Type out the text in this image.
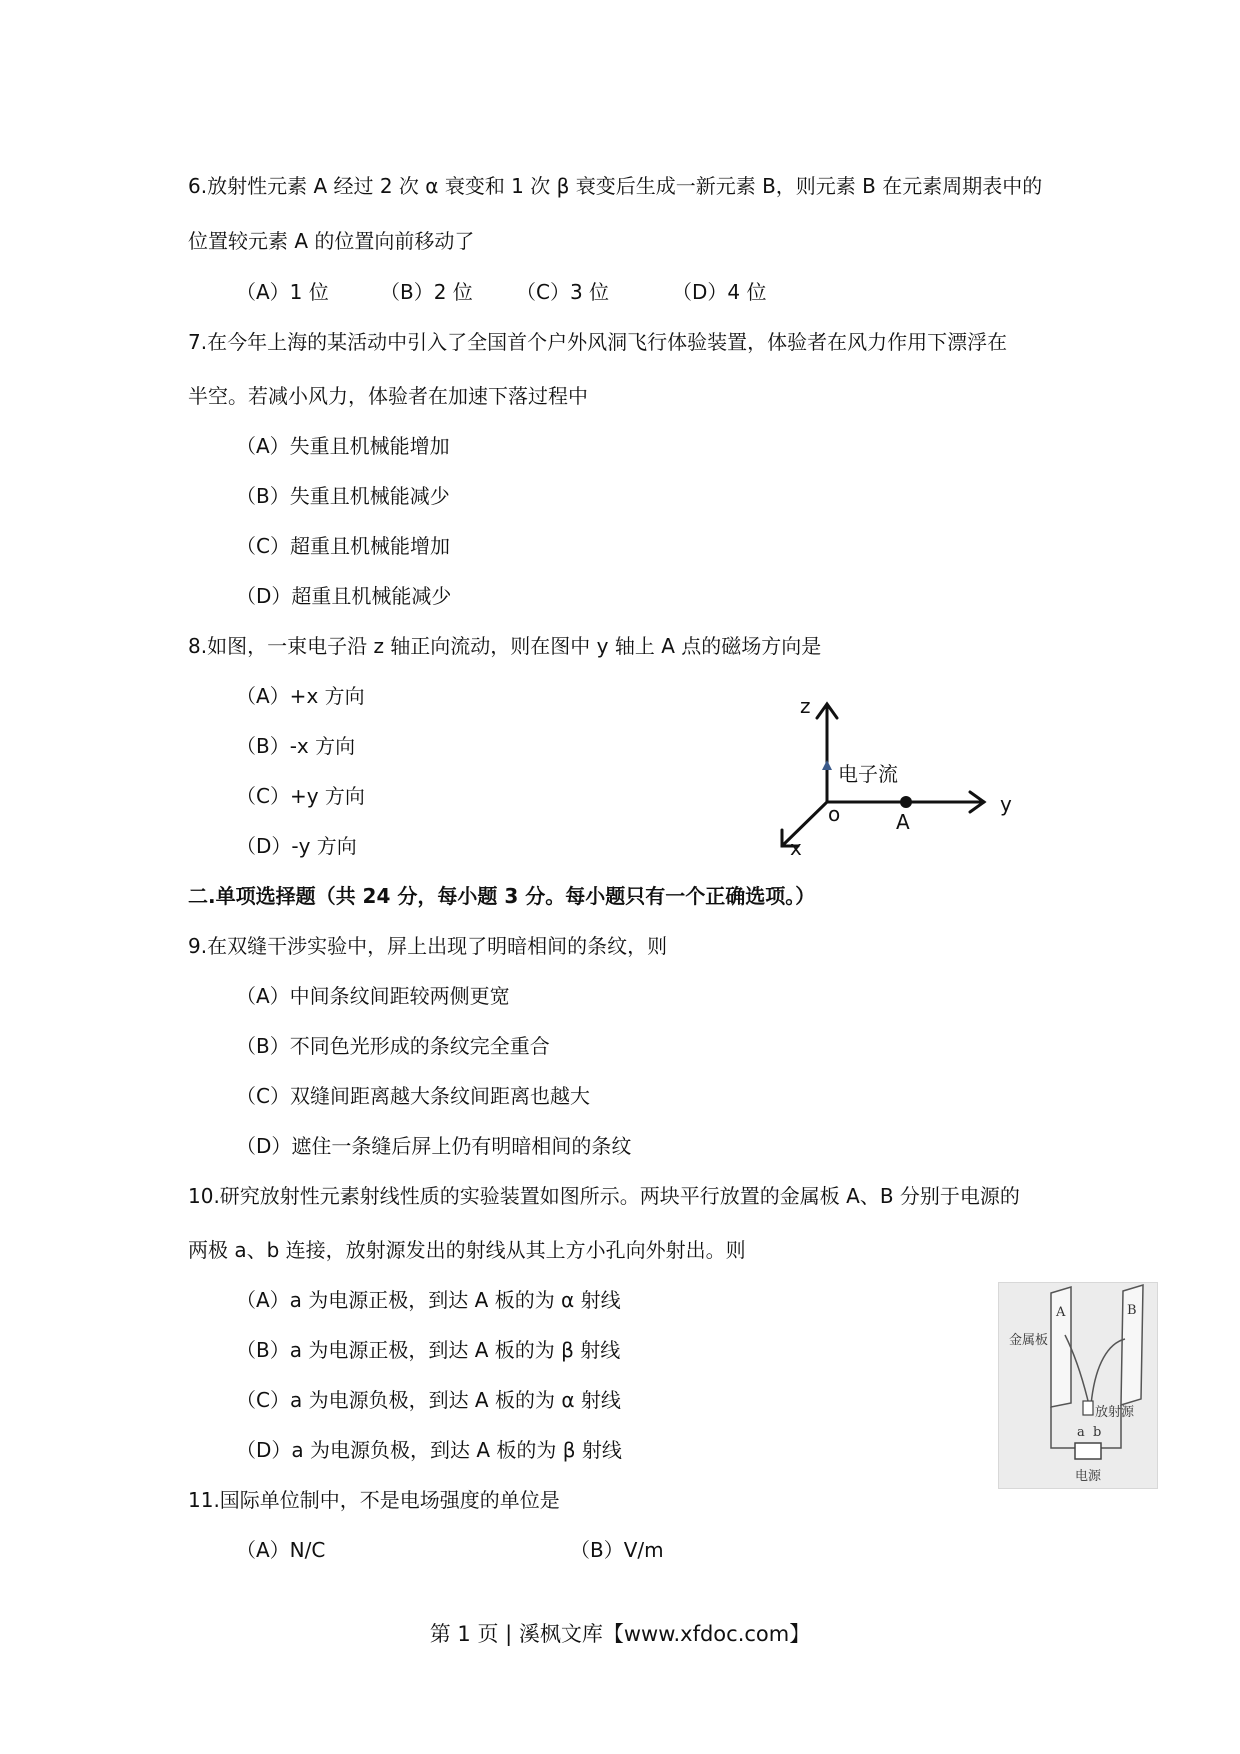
6.放射性元素 A 经过 2 次 α 衰变和 1 次 β 衰变后生成一新元素 B，则元素 B 在元素周期表中的
位置较元素 A 的位置向前移动了
（A）1 位	（B）2 位 （C）3 位	（D）4 位
7.在今年上海的某活动中引入了全国首个户外风洞飞行体验装置，体验者在风力作用下漂浮在
半空。若减小风力，体验者在加速下落过程中
（A）失重且机械能增加
（B）失重且机械能减少
（C）超重且机械能增加
（D）超重且机械能减少
8.如图，一束电子沿 z 轴正向流动，则在图中 y 轴上 A 点的磁场方向是
（A）+x 方向
（B）-x 方向
（C）+y 方向
（D）-y 方向
z
电子流
y
o	A
x
二.单项选择题（共 24 分，每小题 3 分。每小题只有一个正确选项。）
9.在双缝干涉实验中，屏上出现了明暗相间的条纹，则
（A）中间条纹间距较两侧更宽
（B）不同色光形成的条纹完全重合
（C）双缝间距离越大条纹间距离也越大
（D）遮住一条缝后屏上仍有明暗相间的条纹
10.研究放射性元素射线性质的实验装置如图所示。两块平行放置的金属板 A、B 分别于电源的
两极 a、b 连接，放射源发出的射线从其上方小孔向外射出。则
（A）a 为电源正极，到达 A 板的为 α 射线
（B）a 为电源正极，到达 A 板的为 β 射线
（C）a 为电源负极，到达 A 板的为 α 射线
（D）a 为电源负极，到达 A 板的为 β 射线
金属板
A	B
放射源
a b
电源
11.国际单位制中，不是电场强度的单位是
（A）N/C	（B）V/m
第 1 页 | 溪枫文库【www.xfdoc.com】
